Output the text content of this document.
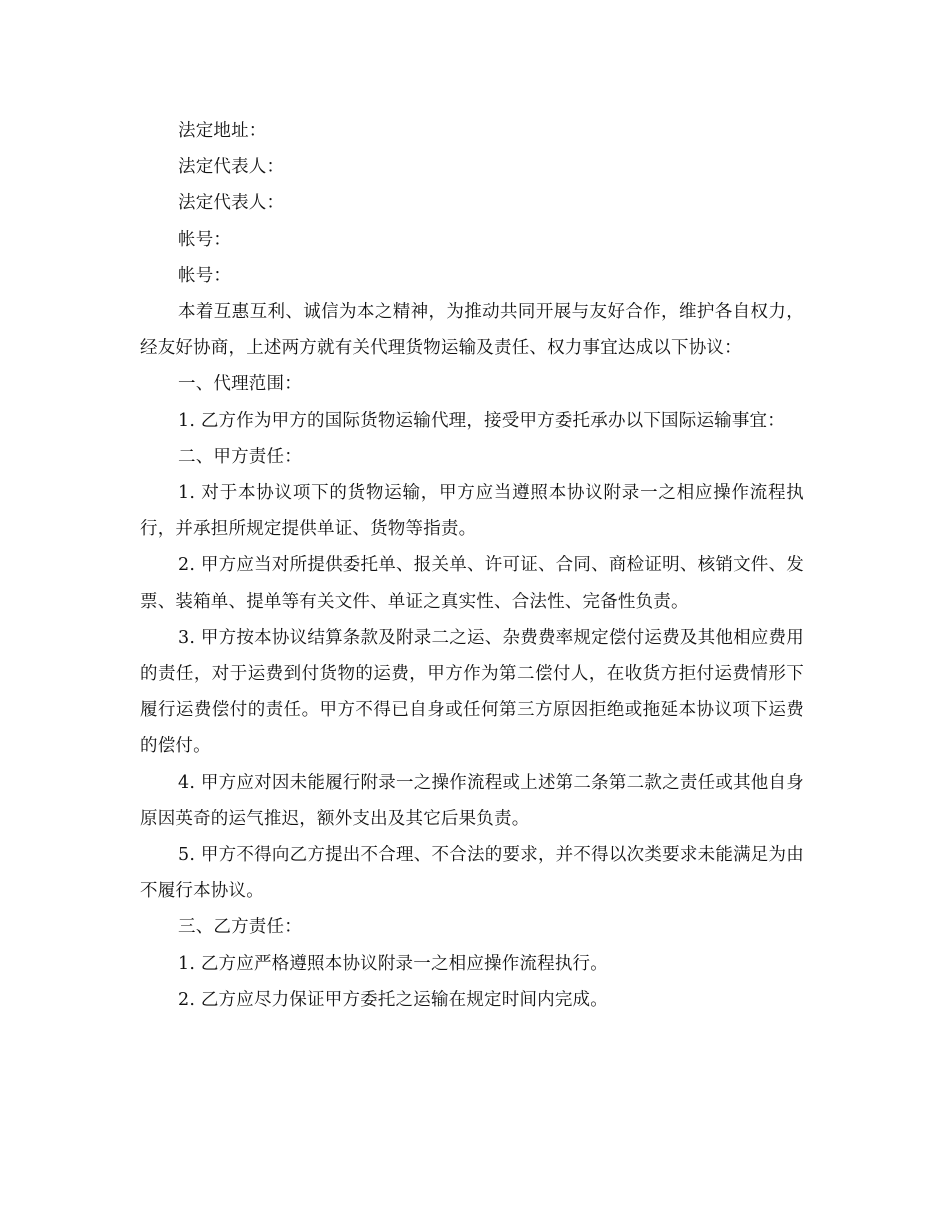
法定地址：

法定代表人：

法定代表人：

帐号：

帐号：

本着互惠互利、诚信为本之精神，为推动共同开展与友好合作，维护各自权力，经友好协商，上述两方就有关代理货物运输及责任、权力事宜达成以下协议：

一、代理范围：

1. 乙方作为甲方的国际货物运输代理，接受甲方委托承办以下国际运输事宜：

二、甲方责任：

1. 对于本协议项下的货物运输，甲方应当遵照本协议附录一之相应操作流程执行，并承担所规定提供单证、货物等指责。

2. 甲方应当对所提供委托单、报关单、许可证、合同、商检证明、核销文件、发票、装箱单、提单等有关文件、单证之真实性、合法性、完备性负责。

3. 甲方按本协议结算条款及附录二之运、杂费费率规定偿付运费及其他相应费用的责任，对于运费到付货物的运费，甲方作为第二偿付人，在收货方拒付运费情形下履行运费偿付的责任。甲方不得已自身或任何第三方原因拒绝或拖延本协议项下运费的偿付。

4. 甲方应对因未能履行附录一之操作流程或上述第二条第二款之责任或其他自身原因英奇的运气推迟，额外支出及其它后果负责。

5. 甲方不得向乙方提出不合理、不合法的要求，并不得以次类要求未能满足为由不履行本协议。

三、乙方责任：

1. 乙方应严格遵照本协议附录一之相应操作流程执行。

2. 乙方应尽力保证甲方委托之运输在规定时间内完成。
